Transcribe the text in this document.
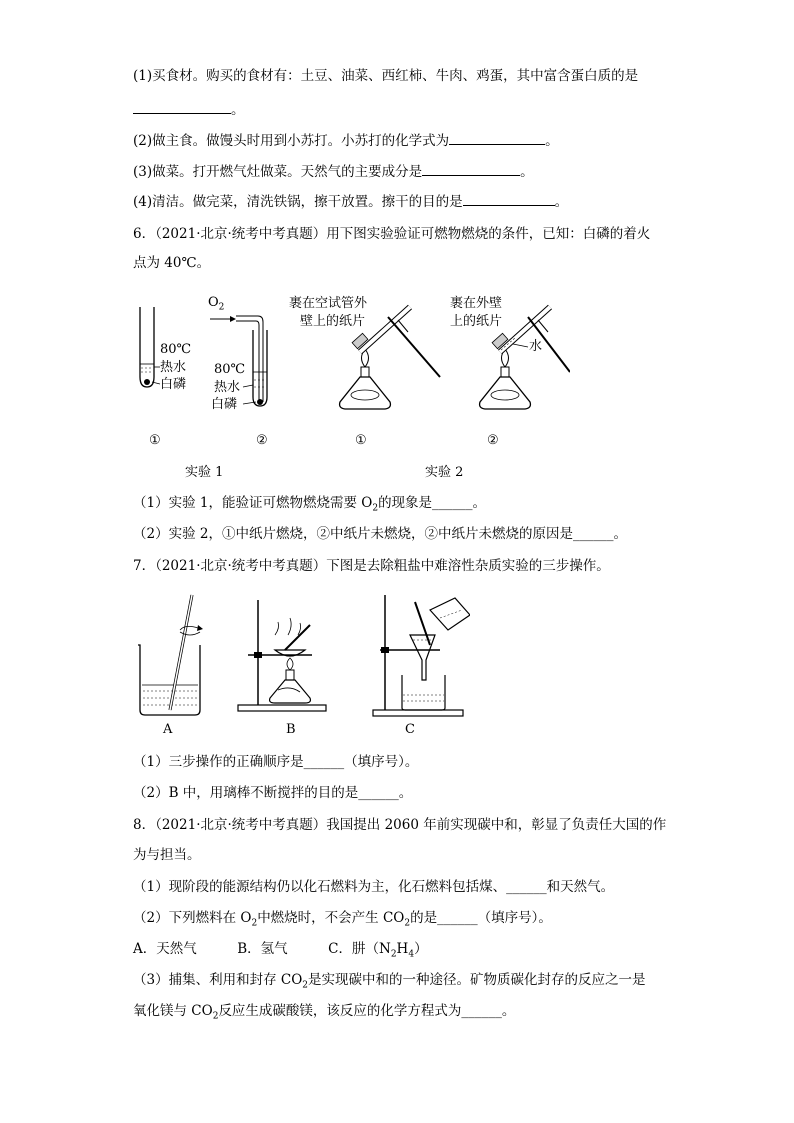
(1)买食材。购买的食材有：土豆、油菜、西红柿、牛肉、鸡蛋，其中富含蛋白质的是
。
(2)做主食。做馒头时用到小苏打。小苏打的化学式为	。
(3)做菜。打开燃气灶做菜。天然气的主要成分是	。
(4)清洁。做完菜，清洗铁锅，擦干放置。擦干的目的是	。
6．（2021·北京·统考中考真题）用下图实验验证可燃物燃烧的条件，已知：白磷的着火
点为 40℃。
80℃
热水
白磷
$O_2$
80℃
热水
白磷
裹在空试管外
壁上的纸片
裹在外壁
上的纸片
水
①	②	①	②
实验 1	实验 2
（1）实验 1，能验证可燃物燃烧需要 $O_2$的现象是______。
（2）实验 2，①中纸片燃烧，②中纸片未燃烧，②中纸片未燃烧的原因是______。
7．（2021·北京·统考中考真题）下图是去除粗盐中难溶性杂质实验的三步操作。
A	B	C
（1）三步操作的正确顺序是______（填序号）。
（2）B 中，用璃棒不断搅拌的目的是______。
8．（2021·北京·统考中考真题）我国提出 2060 年前实现碳中和，彰显了负责任大国的作
为与担当。
（1）现阶段的能源结构仍以化石燃料为主，化石燃料包括煤、______和天然气。
（2）下列燃料在 $O_2$中燃烧时，不会产生 $CO_2$的是______（填序号）。
A．天然气　　　B．氢气　　　C．肼$(N_2H_4)$
（3）捕集、利用和封存 $CO_2$是实现碳中和的一种途径。矿物质碳化封存的反应之一是
氧化镁与 $CO_2$反应生成碳酸镁，该反应的化学方程式为______。
